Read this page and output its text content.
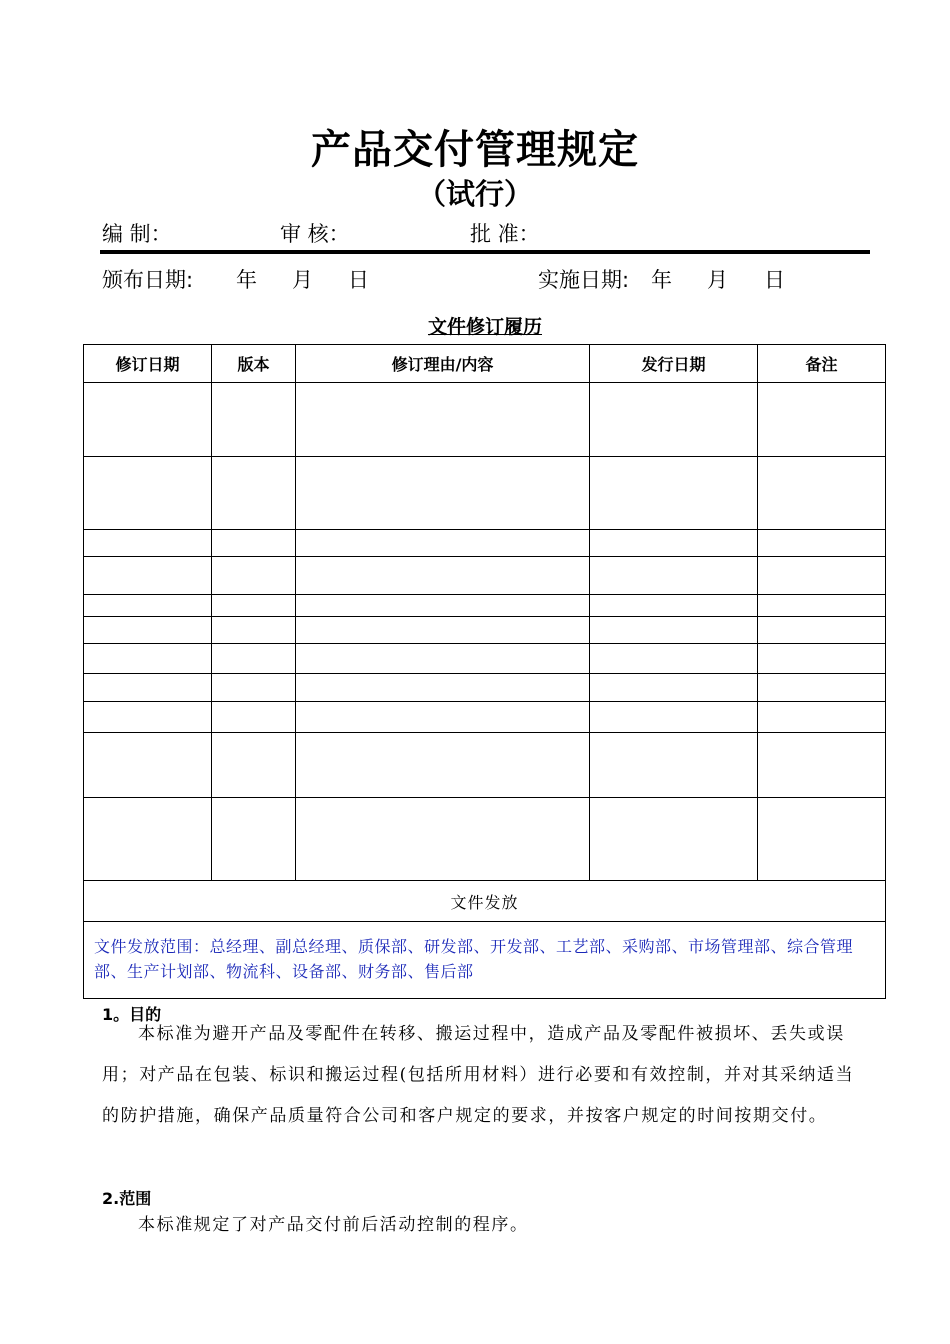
产品交付管理规定
（试行）
编 制：	审 核：	批 准：
颁布日期: 年 月 日	实施日期: 年 月 日
文件修订履历
修订日期	版本	修订理由/内容	发行日期	备注

文件发放				
文件发放范围：总经理、副总经理、质保部、研发部、开发部、工艺部、采购部、市场管理部、综合管理部、生产计划部、物流科、设备部、财务部、售后部				
1。目的
本标准为避开产品及零配件在转移、搬运过程中，造成产品及零配件被损坏、丢失或误用；对产品在包装、标识和搬运过程(包括所用材料）进行必要和有效控制，并对其采纳适当的防护措施，确保产品质量符合公司和客户规定的要求，并按客户规定的时间按期交付。
2.范围
本标准规定了对产品交付前后活动控制的程序。
